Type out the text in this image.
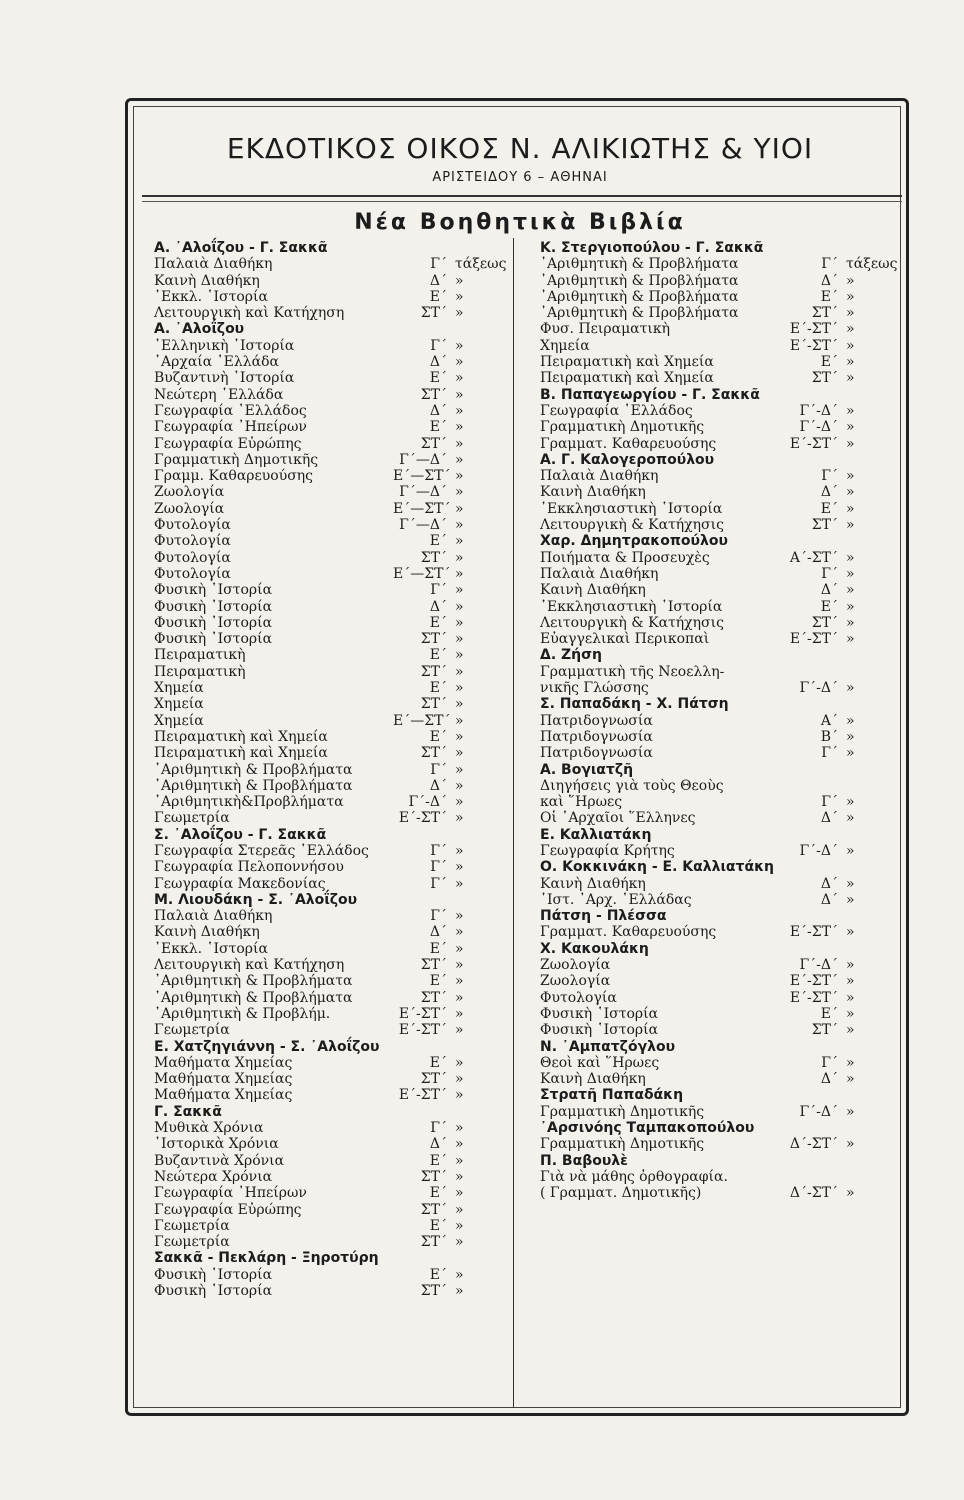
ΕΚΔΟΤΙΚΟΣ ΟΙΚΟΣ Ν. ΑΛΙΚΙΩΤΗΣ & ΥΙΟΙ
ΑΡΙΣΤΕΙΔΟΥ 6 – ΑΘΗΝΑΙ
Νέα Βοηθητικὰ Βιβλία
Α. ᾿Αλοΐζου - Γ. Σακκᾶ
Παλαιὰ Διαθήκη	Γ΄ τάξεως
Καινὴ Διαθήκη	Δ΄ »
᾿Εκκλ. ῾Ιστορία	Ε΄ »
Λειτουργικὴ καὶ Κατήχηση	ΣΤ΄ »
Α. ᾿Αλοΐζου
῾Ελληνικὴ ῾Ιστορία	Γ΄ »
᾿Αρχαία ῾Ελλάδα	Δ΄ »
Βυζαντινὴ ῾Ιστορία	Ε΄ »
Νεώτερη ῾Ελλάδα	ΣΤ΄ »
Γεωγραφία ῾Ελλάδος	Δ΄ »
Γεωγραφία ᾿Ηπείρων	Ε΄ »
Γεωγραφία Εὐρώπης	ΣΤ΄ »
Γραμματικὴ Δημοτικῆς	Γ΄—Δ΄ »
Γραμμ. Καθαρευούσης	Ε΄—ΣΤ΄ »
Ζωολογία	Γ΄—Δ΄ »
Ζωολογία	Ε΄—ΣΤ΄ »
Φυτολογία	Γ΄—Δ΄ »
Φυτολογία	Ε΄ »
Φυτολογία	ΣΤ΄ »
Φυτολογία	Ε΄—ΣΤ΄ »
Φυσικὴ ῾Ιστορία	Γ΄ »
Φυσικὴ ῾Ιστορία	Δ΄ »
Φυσικὴ ῾Ιστορία	Ε΄ »
Φυσικὴ ῾Ιστορία	ΣΤ΄ »
Πειραματικὴ	Ε΄ »
Πειραματικὴ	ΣΤ΄ »
Χημεία	Ε΄ »
Χημεία	ΣΤ΄ »
Χημεία	Ε΄—ΣΤ΄ »
Πειραματικὴ καὶ Χημεία	Ε΄ »
Πειραματικὴ καὶ Χημεία	ΣΤ΄ »
᾿Αριθμητικὴ & Προβλήματα	Γ΄ »
᾿Αριθμητικὴ & Προβλήματα	Δ΄ »
᾿Αριθμητικὴ&Προβλήματα	Γ΄-Δ΄ »
Γεωμετρία	Ε΄-ΣΤ΄ »
Σ. ᾿Αλοΐζου - Γ. Σακκᾶ
Γεωγραφία Στερεᾶς ῾Ελλάδος	Γ΄ »
Γεωγραφία Πελοποννήσου	Γ΄ »
Γεωγραφία Μακεδονίας	Γ΄ »
Μ. Λιουδάκη - Σ. ᾿Αλοΐζου
Παλαιὰ Διαθήκη	Γ΄ »
Καινὴ Διαθήκη	Δ΄ »
᾿Εκκλ. ῾Ιστορία	Ε΄ »
Λειτουργικὴ καὶ Κατήχηση	ΣΤ΄ »
᾿Αριθμητικὴ & Προβλήματα	Ε΄ »
᾿Αριθμητικὴ & Προβλήματα	ΣΤ΄ »
᾿Αριθμητικὴ & Προβλήμ.	Ε΄-ΣΤ΄ »
Γεωμετρία	Ε΄-ΣΤ΄ »
Ε. Χατζηγιάννη - Σ. ᾿Αλοΐζου
Μαθήματα Χημείας	Ε΄ »
Μαθήματα Χημείας	ΣΤ΄ »
Μαθήματα Χημείας	Ε΄-ΣΤ΄ »
Γ. Σακκᾶ
Μυθικὰ Χρόνια	Γ΄ »
῾Ιστορικὰ Χρόνια	Δ΄ »
Βυζαντινὰ Χρόνια	Ε΄ »
Νεώτερα Χρόνια	ΣΤ΄ »
Γεωγραφία ᾿Ηπείρων	Ε΄ »
Γεωγραφία Εὐρώπης	ΣΤ΄ »
Γεωμετρία	Ε΄ »
Γεωμετρία	ΣΤ΄ »
Σακκᾶ - Πεκλάρη - Ξηροτύρη
Φυσικὴ ῾Ιστορία	Ε΄ »
Φυσικὴ ῾Ιστορία	ΣΤ΄ »
Κ. Στεργιοπούλου - Γ. Σακκᾶ
᾿Αριθμητικὴ & Προβλήματα	Γ΄ τάξεως
᾿Αριθμητικὴ & Προβλήματα	Δ΄ »
᾿Αριθμητικὴ & Προβλήματα	Ε΄ »
᾿Αριθμητικὴ & Προβλήματα	ΣΤ΄ »
Φυσ. Πειραματικὴ	Ε΄-ΣΤ΄ »
Χημεία	Ε΄-ΣΤ΄ »
Πειραματικὴ καὶ Χημεία	Ε΄ »
Πειραματικὴ καὶ Χημεία	ΣΤ΄ »
Β. Παπαγεωργίου - Γ. Σακκᾶ
Γεωγραφία ῾Ελλάδος	Γ΄-Δ΄ »
Γραμματικὴ Δημοτικῆς	Γ΄-Δ΄ »
Γραμματ. Καθαρευούσης	Ε΄-ΣΤ΄ »
Α. Γ. Καλογεροπούλου
Παλαιὰ Διαθήκη	Γ΄ »
Καινὴ Διαθήκη	Δ΄ »
᾿Εκκλησιαστικὴ ῾Ιστορία	Ε΄ »
Λειτουργικὴ & Κατήχησις	ΣΤ΄ »
Χαρ. Δημητρακοπούλου
Ποιήματα & Προσευχὲς	Α΄-ΣΤ΄ »
Παλαιὰ Διαθήκη	Γ΄ »
Καινὴ Διαθήκη	Δ΄ »
᾿Εκκλησιαστικὴ ῾Ιστορία	Ε΄ »
Λειτουργικὴ & Κατήχησις	ΣΤ΄ »
Εὐαγγελικαὶ Περικοπαὶ	Ε΄-ΣΤ΄ »
Δ. Ζήση
Γραμματικὴ τῆς Νεοελλη-
νικῆς Γλώσσης	Γ΄-Δ΄ »
Σ. Παπαδάκη - Χ. Πάτση
Πατριδογνωσία	Α΄ »
Πατριδογνωσία	Β΄ »
Πατριδογνωσία	Γ΄ »
Α. Βογιατζῆ
Διηγήσεις γιὰ τοὺς Θεοὺς
καὶ ῞Ηρωες	Γ΄ »
Οἱ ᾿Αρχαῖοι ῞Ελληνες	Δ΄ »
Ε. Καλλιατάκη
Γεωγραφία Κρήτης	Γ΄-Δ΄ »
Ο. Κοκκινάκη - Ε. Καλλιατάκη
Καινὴ Διαθήκη	Δ΄ »
῾Ιστ. ᾿Αρχ. ῾Ελλάδας	Δ΄ »
Πάτση - Πλέσσα
Γραμματ. Καθαρευούσης	Ε΄-ΣΤ΄ »
Χ. Κακουλάκη
Ζωολογία	Γ΄-Δ΄ »
Ζωολογία	Ε΄-ΣΤ΄ »
Φυτολογία	Ε΄-ΣΤ΄ »
Φυσικὴ ῾Ιστορία	Ε΄ »
Φυσικὴ ῾Ιστορία	ΣΤ΄ »
Ν. ᾿Αμπατζόγλου
Θεοὶ καὶ ῞Ηρωες	Γ΄ »
Καινὴ Διαθήκη	Δ΄ »
Στρατῆ Παπαδάκη
Γραμματικὴ Δημοτικῆς	Γ΄-Δ΄ »
᾿Αρσινόης Ταμπακοπούλου
Γραμματικὴ Δημοτικῆς	Δ΄-ΣΤ΄ »
Π. Βαβουλὲ
Γιὰ νὰ μάθης ὀρθογραφία.
( Γραμματ. Δημοτικῆς)	Δ΄-ΣΤ΄ »
